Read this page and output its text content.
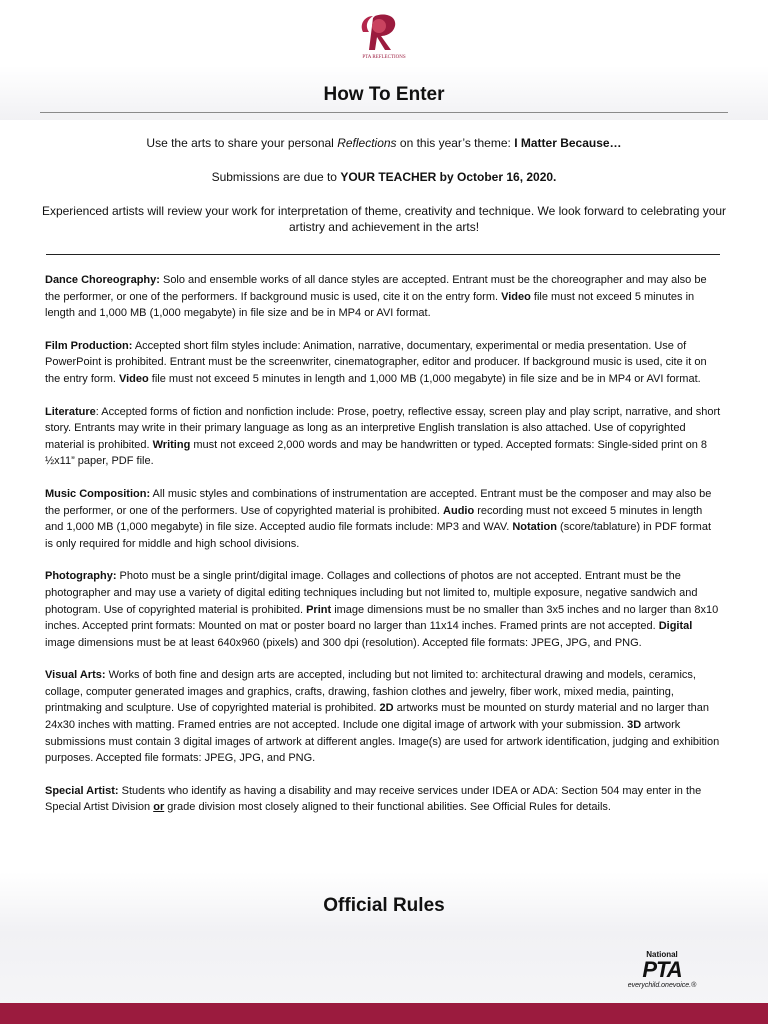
PTA REFLECTIONS
How To Enter

Use the arts to share your personal Reflections on this year’s theme: I Matter Because…

Submissions are due to YOUR TEACHER by October 16, 2020.

Experienced artists will review your work for interpretation of theme, creativity and technique. We look forward to celebrating your artistry and achievement in the arts!

Dance Choreography: Solo and ensemble works of all dance styles are accepted. Entrant must be the choreographer and may also be the performer, or one of the performers. If background music is used, cite it on the entry form. Video file must not exceed 5 minutes in length and 1,000 MB (1,000 megabyte) in file size and be in MP4 or AVI format.

Film Production: Accepted short film styles include: Animation, narrative, documentary, experimental or media presentation. Use of PowerPoint is prohibited. Entrant must be the screenwriter, cinematographer, editor and producer. If background music is used, cite it on the entry form. Video file must not exceed 5 minutes in length and 1,000 MB (1,000 megabyte) in file size and be in MP4 or AVI format.

Literature: Accepted forms of fiction and nonfiction include: Prose, poetry, reflective essay, screen play and play script, narrative, and short story. Entrants may write in their primary language as long as an interpretive English translation is also attached. Use of copyrighted material is prohibited. Writing must not exceed 2,000 words and may be handwritten or typed. Accepted formats: Single-sided print on 8 ½x11” paper, PDF file.

Music Composition: All music styles and combinations of instrumentation are accepted. Entrant must be the composer and may also be the performer, or one of the performers. Use of copyrighted material is prohibited. Audio recording must not exceed 5 minutes in length and 1,000 MB (1,000 megabyte) in file size. Accepted audio file formats include: MP3 and WAV. Notation (score/tablature) in PDF format is only required for middle and high school divisions.

Photography: Photo must be a single print/digital image. Collages and collections of photos are not accepted. Entrant must be the photographer and may use a variety of digital editing techniques including but not limited to, multiple exposure, negative sandwich and photogram. Use of copyrighted material is prohibited. Print image dimensions must be no smaller than 3x5 inches and no larger than 8x10 inches. Accepted print formats: Mounted on mat or poster board no larger than 11x14 inches. Framed prints are not accepted. Digital image dimensions must be at least 640x960 (pixels) and 300 dpi (resolution). Accepted file formats: JPEG, JPG, and PNG.

Visual Arts: Works of both fine and design arts are accepted, including but not limited to: architectural drawing and models, ceramics, collage, computer generated images and graphics, crafts, drawing, fashion clothes and jewelry, fiber work, mixed media, painting, printmaking and sculpture. Use of copyrighted material is prohibited. 2D artworks must be mounted on sturdy material and no larger than 24x30 inches with matting. Framed entries are not accepted. Include one digital image of artwork with your submission. 3D artwork submissions must contain 3 digital images of artwork at different angles. Image(s) are used for artwork identification, judging and exhibition purposes. Accepted file formats: JPEG, JPG, and PNG.

Special Artist: Students who identify as having a disability and may receive services under IDEA or ADA: Section 504 may enter in the Special Artist Division or grade division most closely aligned to their functional abilities. See Official Rules for details.

Official Rules
National
PTA
everychild.onevoice.®
